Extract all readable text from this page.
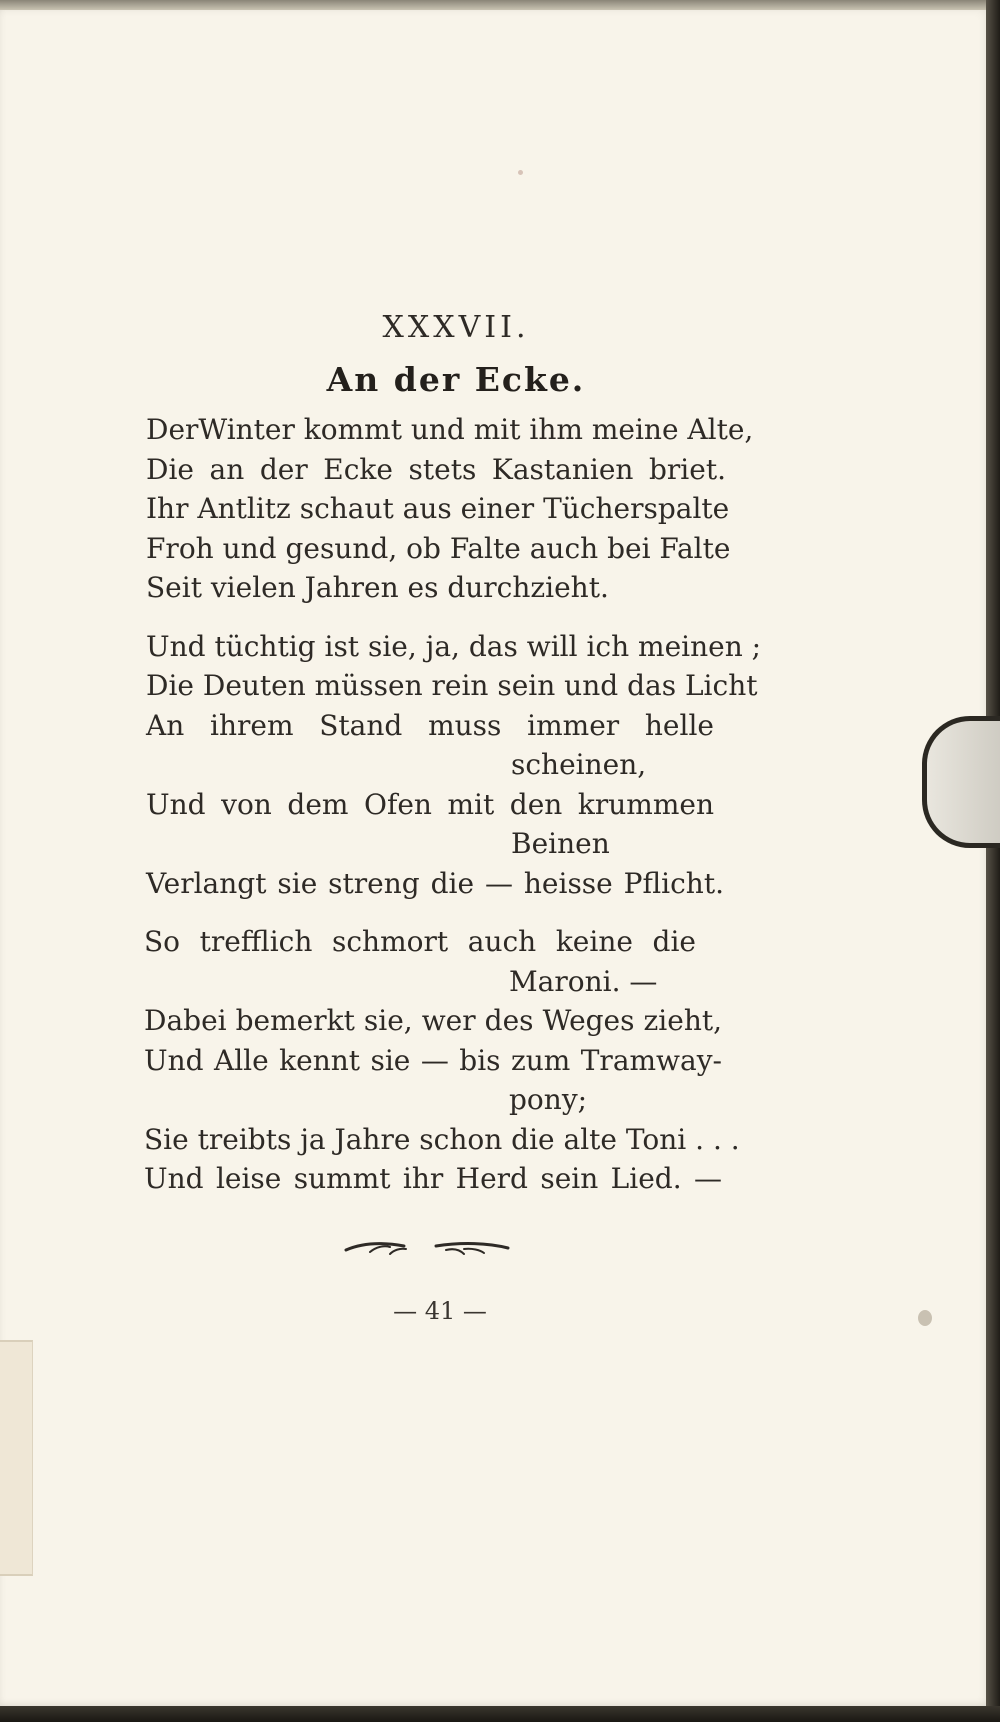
XXXVII.
An der Ecke.
DerWinter kommt und mit ihm meine Alte,
Die an der Ecke stets Kastanien briet.
Ihr Antlitz schaut aus einer Tücherspalte
Froh und gesund, ob Falte auch bei Falte
Seit vielen Jahren es durchzieht.
Und tüchtig ist sie, ja, das will ich meinen ;
Die Deuten müssen rein sein und das Licht
An ihrem Stand muss immer helle
scheinen,
Und von dem Ofen mit den krummen
Beinen
Verlangt sie streng die — heisse Pflicht.
So trefflich schmort auch keine die
Maroni. —
Dabei bemerkt sie, wer des Weges zieht,
Und Alle kennt sie — bis zum Tramway-
pony;
Sie treibts ja Jahre schon die alte Toni . . .
Und leise summt ihr Herd sein Lied. —
— 41 —
